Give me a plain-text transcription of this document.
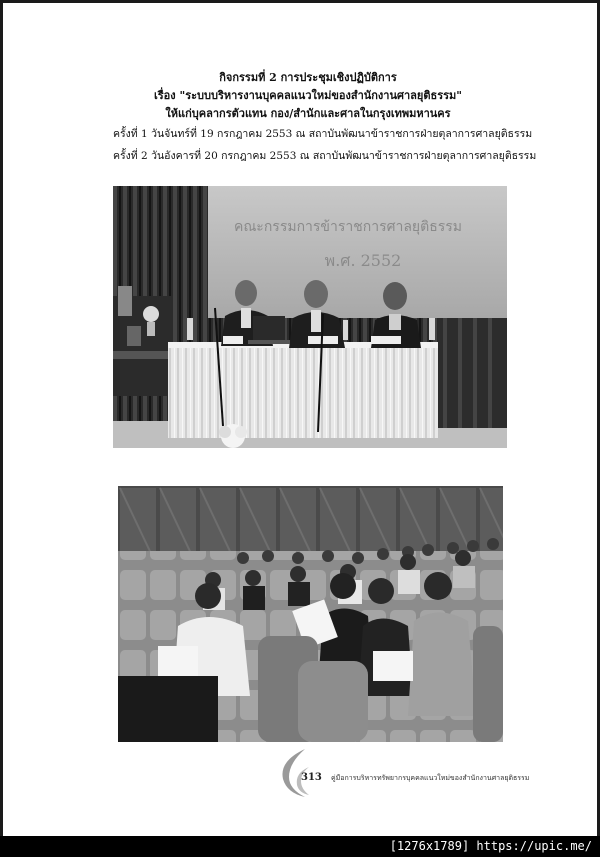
กิจกรรมที่ 2 การประชุมเชิงปฏิบัติการ

เรื่อง "ระบบบริหารงานบุคคลแนวใหม่ของสำนักงานศาลยุติธรรม"

ให้แก่บุคลากรตัวแทน กอง/สำนักและศาลในกรุงเทพมหานคร

ครั้งที่ 1 วันจันทร์ที่ 19 กรกฎาคม 2553 ณ สถาบันพัฒนาข้าราชการฝ่ายตุลาการศาลยุติธรรม
ครั้งที่ 2 วันอังคารที่ 20 กรกฎาคม 2553 ณ สถาบันพัฒนาข้าราชการฝ่ายตุลาการศาลยุติธรรม
คณะกรรมการข้าราชการศาลยุติธรรม
พ.ศ. 2552
313 คู่มือการบริหารทรัพยากรบุคคลแนวใหม่ของสำนักงานศาลยุติธรรม
[1276x1789] https://upic.me/
